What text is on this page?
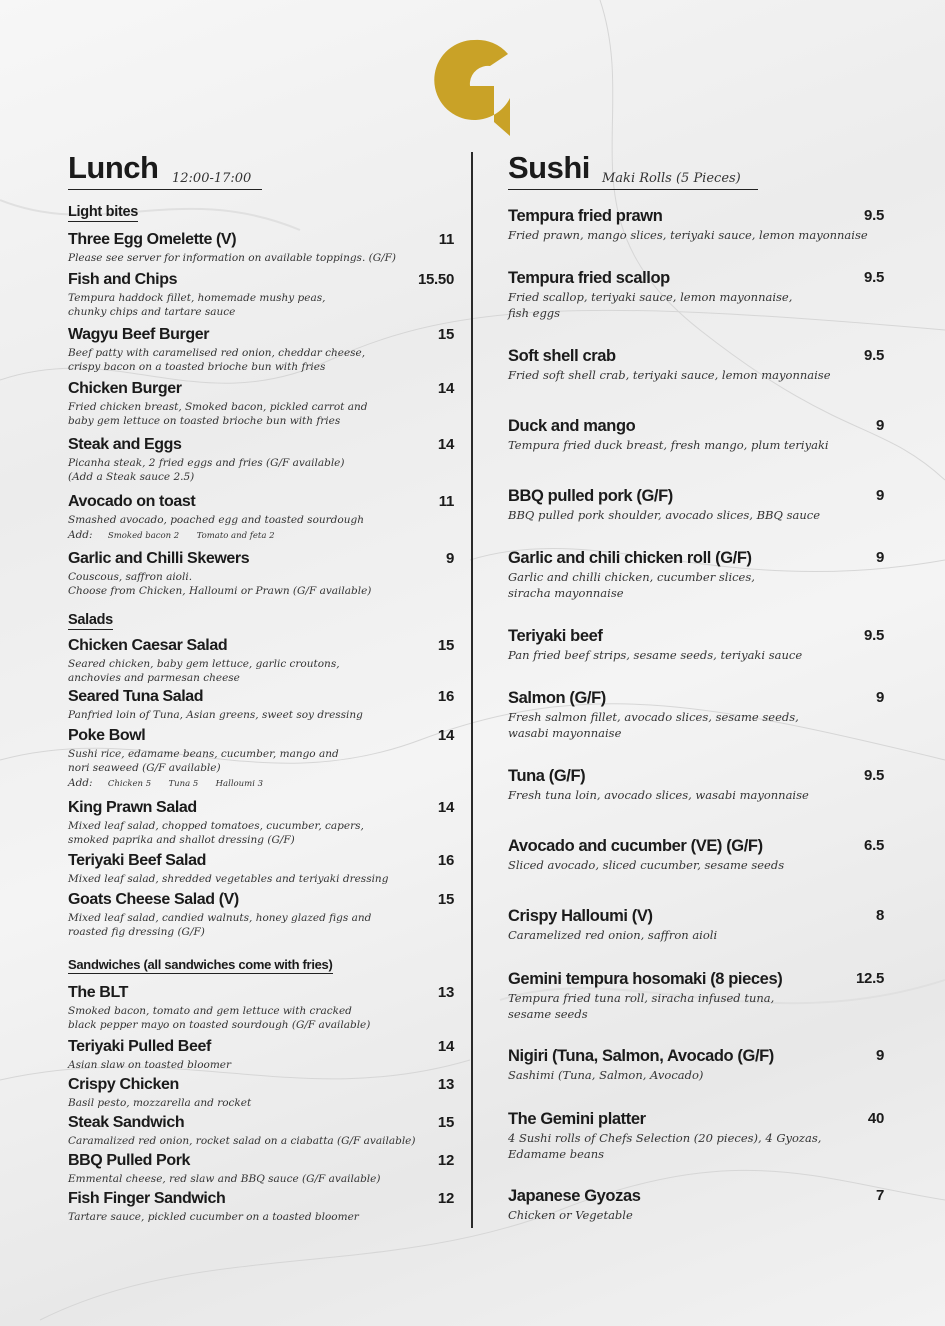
Lunch 12:00-17:00
Light bites
Three Egg Omelette (V)	11
Please see server for information on available toppings. (G/F)
Fish and Chips	15.50
Tempura haddock fillet, homemade mushy peas,
chunky chips and tartare sauce
Wagyu Beef Burger	15
Beef patty with caramelised red onion, cheddar cheese,
crispy bacon on a toasted brioche bun with fries
Chicken Burger	14
Fried chicken breast, Smoked bacon, pickled carrot and
baby gem lettuce on toasted brioche bun with fries
Steak and Eggs	14
Picanha steak, 2 fried eggs and fries (G/F available)
(Add a Steak sauce 2.5)
Avocado on toast	11
Smashed avocado, poached egg and toasted sourdough
Add: Smoked bacon 2 Tomato and feta 2
Garlic and Chilli Skewers	9
Couscous, saffron aioli.
Choose from Chicken, Halloumi or Prawn (G/F available)
Salads
Chicken Caesar Salad	15
Seared chicken, baby gem lettuce, garlic croutons,
anchovies and parmesan cheese
Seared Tuna Salad	16
Panfried loin of Tuna, Asian greens, sweet soy dressing
Poke Bowl	14
Sushi rice, edamame beans, cucumber, mango and
nori seaweed (G/F available)
Add: Chicken 5 Tuna 5 Halloumi 3
King Prawn Salad	14
Mixed leaf salad, chopped tomatoes, cucumber, capers,
smoked paprika and shallot dressing (G/F)
Teriyaki Beef Salad	16
Mixed leaf salad, shredded vegetables and teriyaki dressing
Goats Cheese Salad (V)	15
Mixed leaf salad, candied walnuts, honey glazed figs and
roasted fig dressing (G/F)
Sandwiches (all sandwiches come with fries)
The BLT	13
Smoked bacon, tomato and gem lettuce with cracked
black pepper mayo on toasted sourdough (G/F available)
Teriyaki Pulled Beef	14
Asian slaw on toasted bloomer
Crispy Chicken	13
Basil pesto, mozzarella and rocket
Steak Sandwich	15
Caramalized red onion, rocket salad on a ciabatta (G/F available)
BBQ Pulled Pork	12
Emmental cheese, red slaw and BBQ sauce (G/F available)
Fish Finger Sandwich	12
Tartare sauce, pickled cucumber on a toasted bloomer
Sushi Maki Rolls (5 Pieces)
Tempura fried prawn	9.5
Fried prawn, mango slices, teriyaki sauce, lemon mayonnaise
Tempura fried scallop	9.5
Fried scallop, teriyaki sauce, lemon mayonnaise,
fish eggs
Soft shell crab	9.5
Fried soft shell crab, teriyaki sauce, lemon mayonnaise
Duck and mango	9
Tempura fried duck breast, fresh mango, plum teriyaki
BBQ pulled pork (G/F)	9
BBQ pulled pork shoulder, avocado slices, BBQ sauce
Garlic and chili chicken roll (G/F)	9
Garlic and chilli chicken, cucumber slices,
siracha mayonnaise
Teriyaki beef	9.5
Pan fried beef strips, sesame seeds, teriyaki sauce
Salmon (G/F)	9
Fresh salmon fillet, avocado slices, sesame seeds,
wasabi mayonnaise
Tuna (G/F)	9.5
Fresh tuna loin, avocado slices, wasabi mayonnaise
Avocado and cucumber (VE) (G/F)	6.5
Sliced avocado, sliced cucumber, sesame seeds
Crispy Halloumi (V)	8
Caramelized red onion, saffron aioli
Gemini tempura hosomaki (8 pieces)	12.5
Tempura fried tuna roll, siracha infused tuna,
sesame seeds
Nigiri (Tuna, Salmon, Avocado (G/F)	9
Sashimi (Tuna, Salmon, Avocado)
The Gemini platter	40
4 Sushi rolls of Chefs Selection (20 pieces), 4 Gyozas,
Edamame beans
Japanese Gyozas	7
Chicken or Vegetable
